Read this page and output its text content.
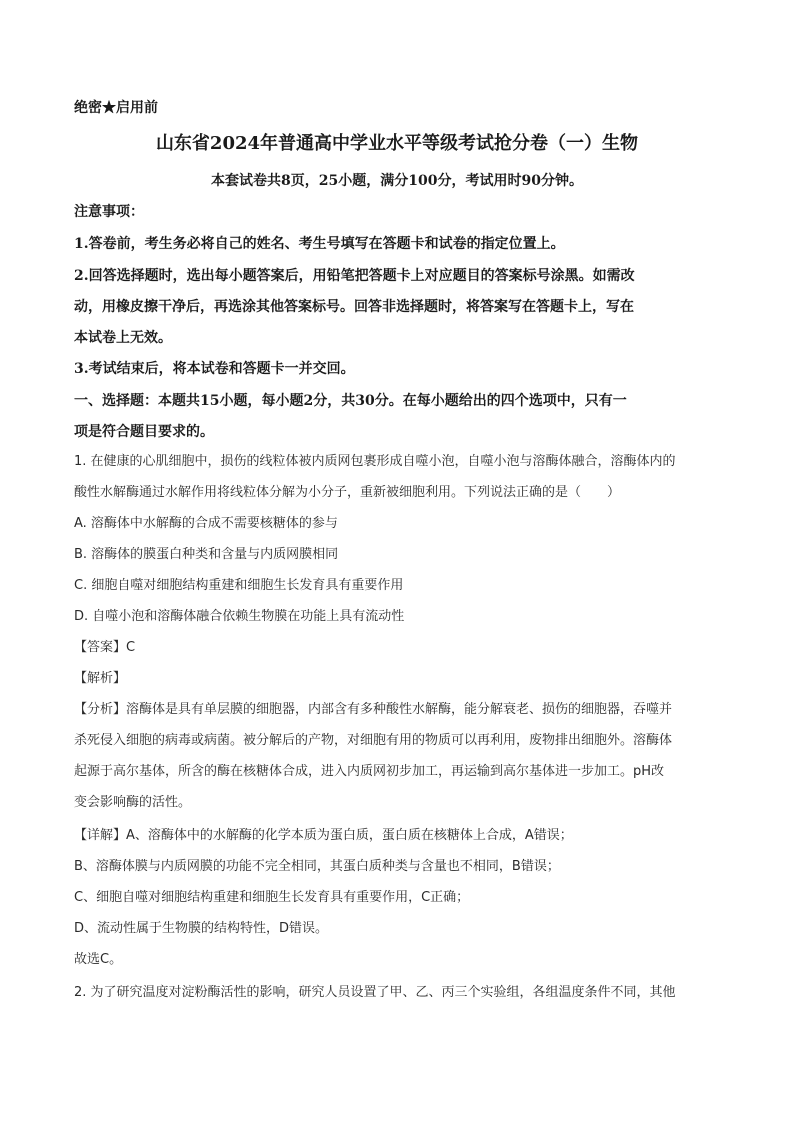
绝密★启用前
山东省2024年普通高中学业水平等级考试抢分卷（一）生物
本套试卷共8页，25小题，满分100分，考试用时90分钟。
注意事项：
1.答卷前，考生务必将自己的姓名、考生号填写在答题卡和试卷的指定位置上。
2.回答选择题时，选出每小题答案后，用铅笔把答题卡上对应题目的答案标号涂黑。如需改
动，用橡皮擦干净后，再选涂其他答案标号。回答非选择题时，将答案写在答题卡上，写在
本试卷上无效。
3.考试结束后，将本试卷和答题卡一并交回。
一、选择题：本题共15小题，每小题2分，共30分。在每小题给出的四个选项中，只有一
项是符合题目要求的。
1. 在健康的心肌细胞中，损伤的线粒体被内质网包裹形成自噬小泡，自噬小泡与溶酶体融合，溶酶体内的
酸性水解酶通过水解作用将线粒体分解为小分子，重新被细胞利用。下列说法正确的是（　　）
A. 溶酶体中水解酶的合成不需要核糖体的参与
B. 溶酶体的膜蛋白种类和含量与内质网膜相同
C. 细胞自噬对细胞结构重建和细胞生长发育具有重要作用
D. 自噬小泡和溶酶体融合依赖生物膜在功能上具有流动性
【答案】C
【解析】
【分析】溶酶体是具有单层膜的细胞器，内部含有多种酸性水解酶，能分解衰老、损伤的细胞器，吞噬并
杀死侵入细胞的病毒或病菌。被分解后的产物，对细胞有用的物质可以再利用，废物排出细胞外。溶酶体
起源于高尔基体，所含的酶在核糖体合成，进入内质网初步加工，再运输到高尔基体进一步加工。pH改
变会影响酶的活性。
【详解】A、溶酶体中的水解酶的化学本质为蛋白质，蛋白质在核糖体上合成，A错误；
B、溶酶体膜与内质网膜的功能不完全相同，其蛋白质种类与含量也不相同，B错误；
C、细胞自噬对细胞结构重建和细胞生长发育具有重要作用，C正确；
D、流动性属于生物膜的结构特性，D错误。
故选C。
2. 为了研究温度对淀粉酶活性的影响，研究人员设置了甲、乙、丙三个实验组，各组温度条件不同，其他
